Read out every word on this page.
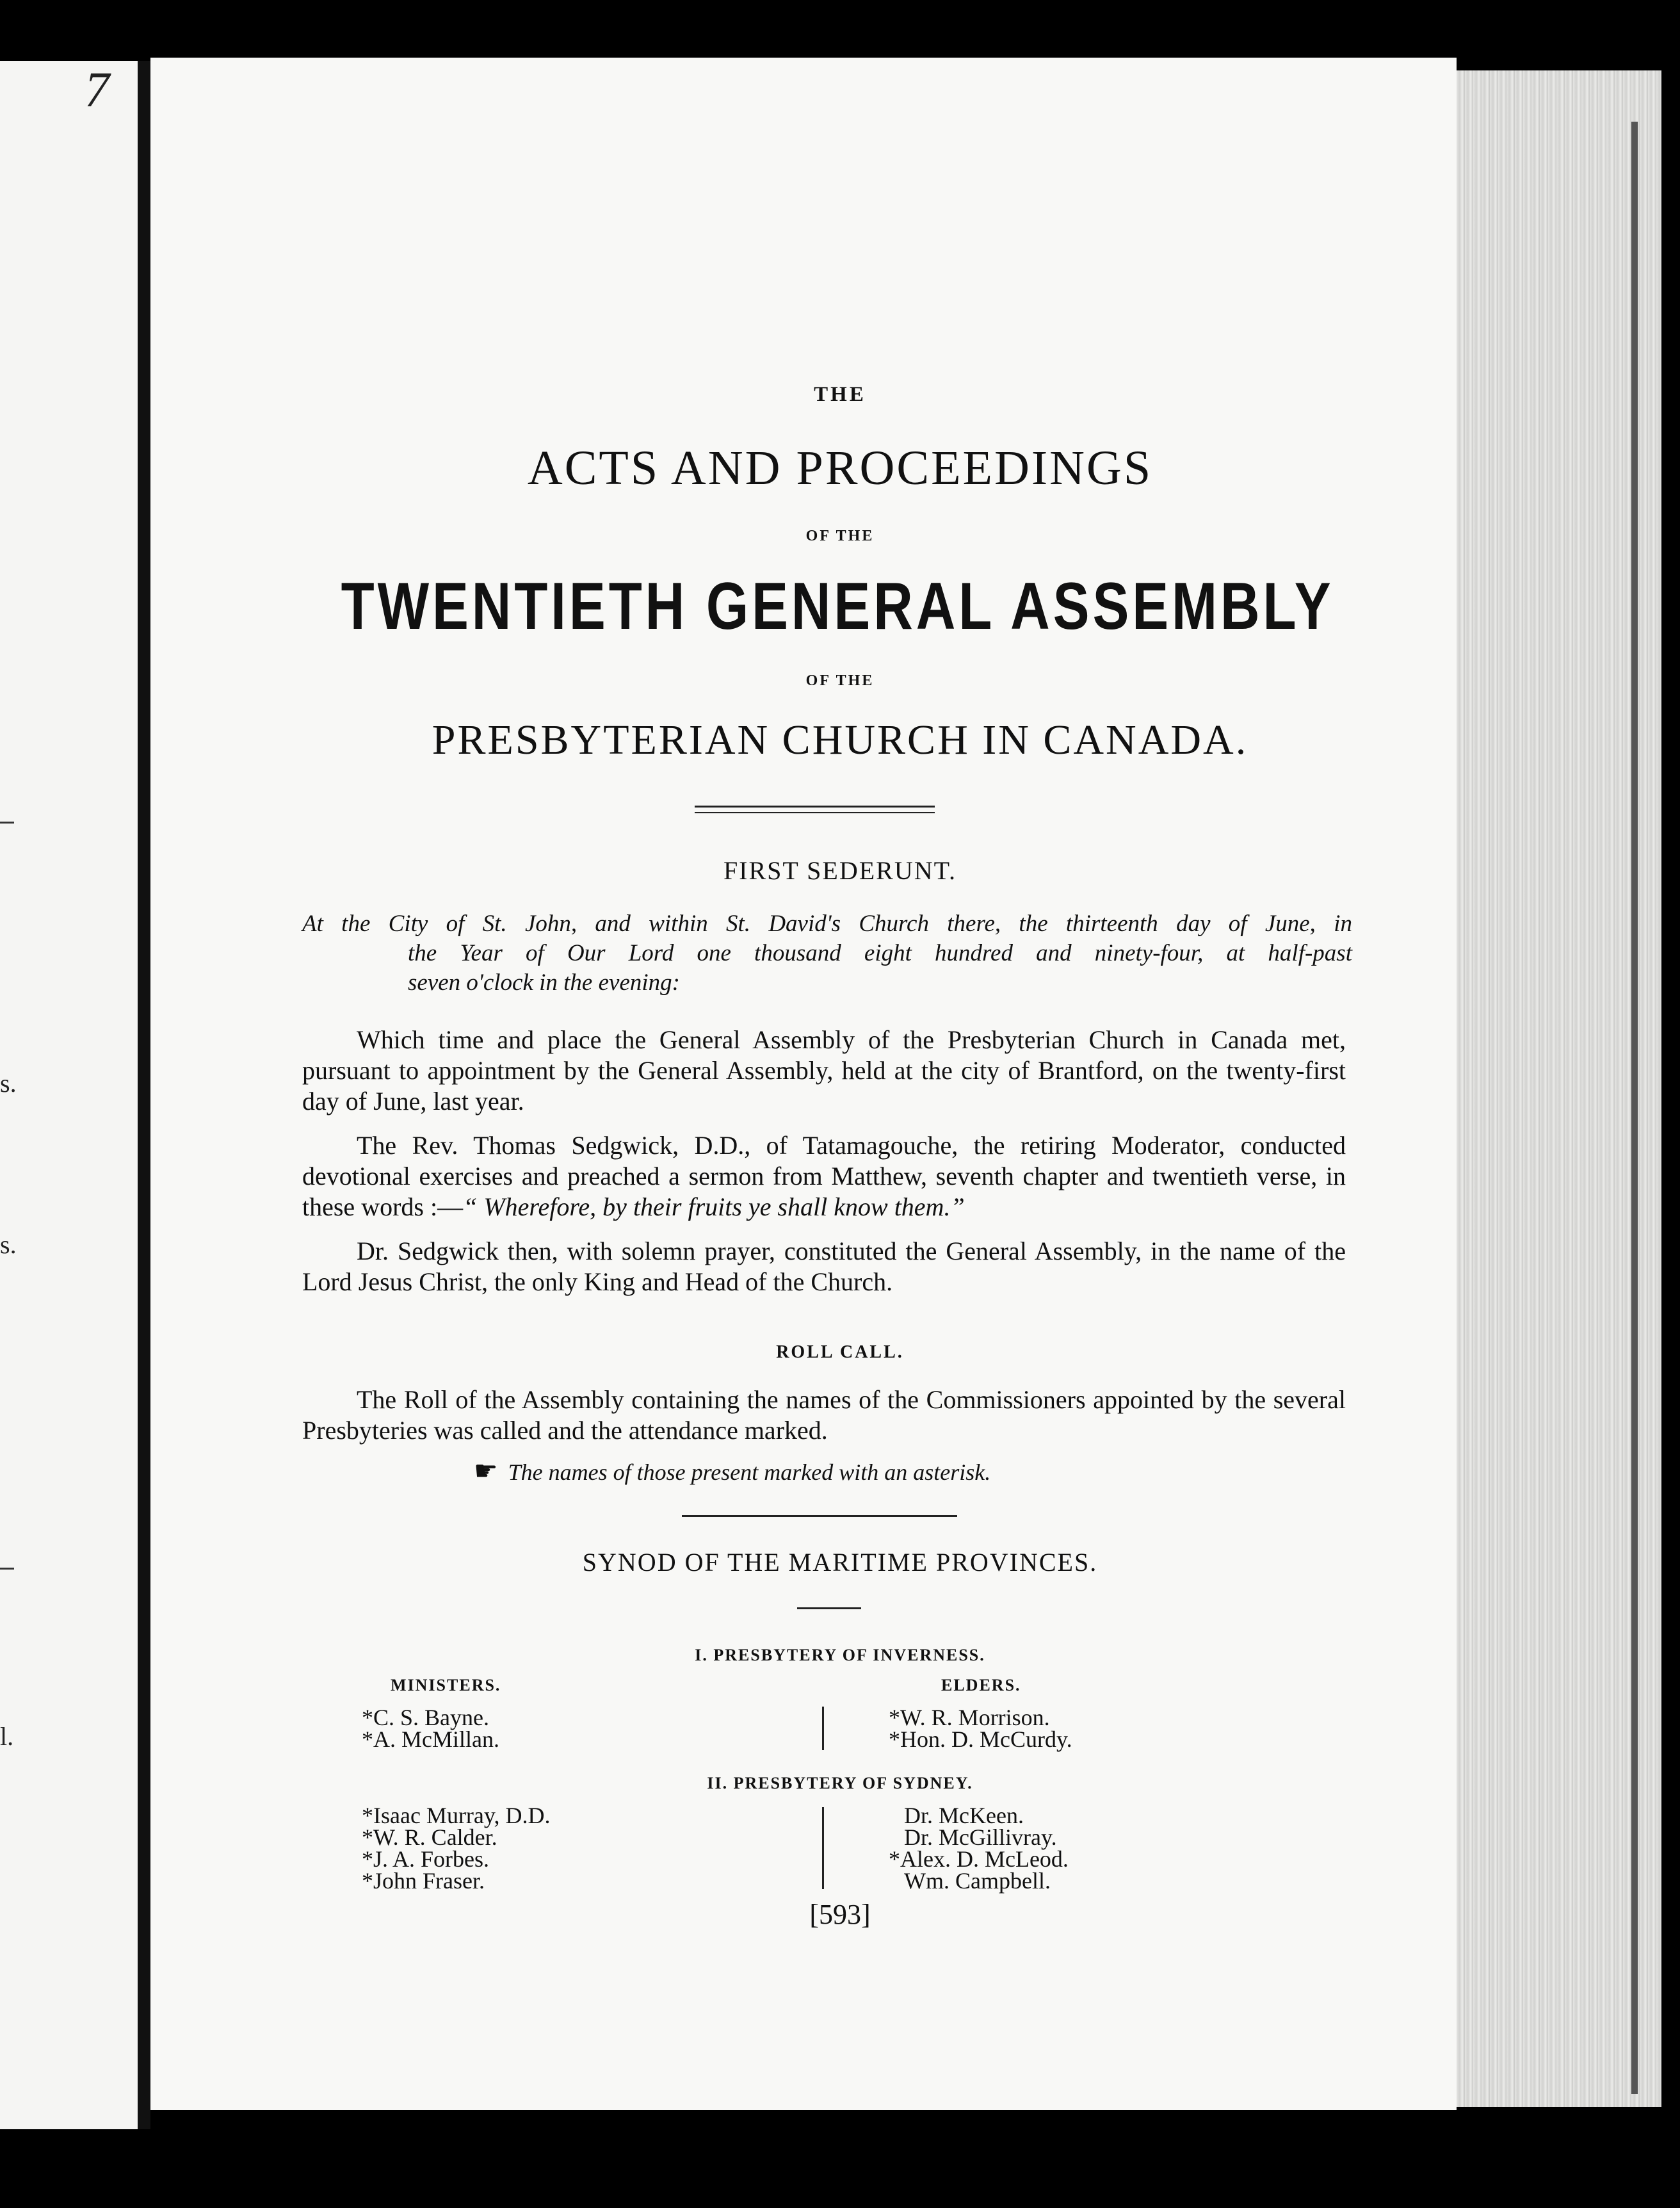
7
s.
s.
l.
THE
ACTS AND PROCEEDINGS
OF THE
TWENTIETH GENERAL ASSEMBLY
OF THE
PRESBYTERIAN CHURCH IN CANADA.
FIRST SEDERUNT.
At the City of St. John, and within St. David's Church there, the thirteenth day of June, in
the Year of Our Lord one thousand eight hundred and ninety-four, at half-past
seven o'clock in the evening:
Which time and place the General Assembly of the Presbyterian Church in Canada met, pursuant to appointment by the General Assembly, held at the city of Brantford, on the twenty-first day of June, last year.
The Rev. Thomas Sedgwick, D.D., of Tatamagouche, the retiring Moderator, conducted devotional exercises and preached a sermon from Matthew, seventh chapter and twentieth verse, in these words :—“ Wherefore, by their fruits ye shall know them.”
Dr. Sedgwick then, with solemn prayer, constituted the General Assembly, in the name of the Lord Jesus Christ, the only King and Head of the Church.
ROLL CALL.
The Roll of the Assembly containing the names of the Commissioners appointed by the several Presbyteries was called and the attendance marked.
☛ The names of those present marked with an asterisk.
SYNOD OF THE MARITIME PROVINCES.
I. PRESBYTERY OF INVERNESS.
MINISTERS.	ELDERS.
*C. S. Bayne.
*A. McMillan.
*W. R. Morrison.
*Hon. D. McCurdy.
II. PRESBYTERY OF SYDNEY.
*Isaac Murray, D.D.
*W. R. Calder.
*J. A. Forbes.
*John Fraser.
Dr. McKeen.
Dr. McGillivray.
*Alex. D. McLeod.
Wm. Campbell.
[593]
